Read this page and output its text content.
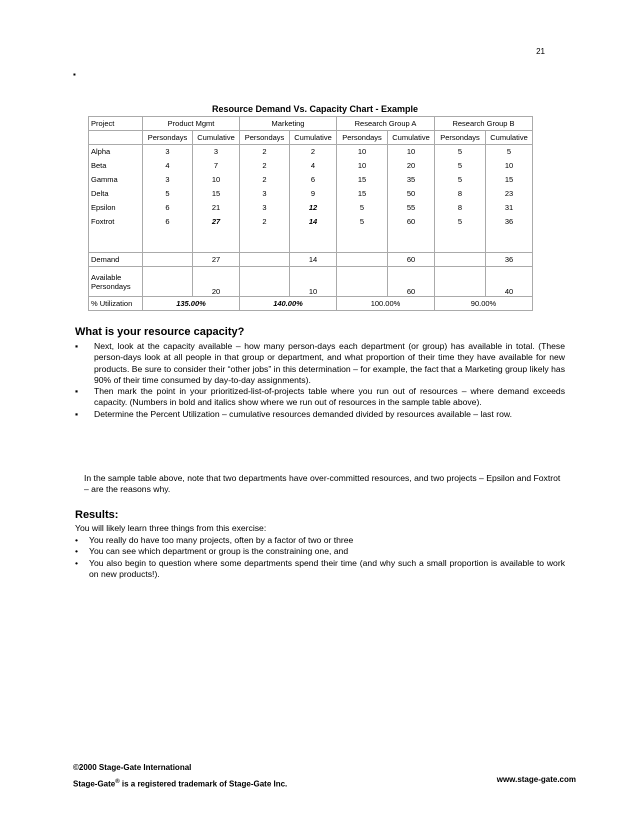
21
▪
Resource Demand Vs. Capacity Chart - Example
Project	Product Mgmt		Marketing		Research Group A		Research Group B	
	Persondays	Cumulative	Persondays	Cumulative	Persondays	Cumulative	Persondays	Cumulative
Alpha	3	3	2	2	10	10	5	5
Beta	4	7	2	4	10	20	5	10
Gamma	3	10	2	6	15	35	5	15
Delta	5	15	3	9	15	50	8	23
Epsilon	6	21	3	12	5	55	8	31
Foxtrot	6	27	2	14	5	60	5	36

Demand		27		14		60		36
Available
Persondays		20		10		60		40
% Utilization	135.00%		140.00%		100.00%		90.00%	
What is your resource capacity?
▪ Next, look at the capacity available – how many person-days each department (or group) has available in total. (These person-days look at all people in that group or department, and what proportion of their time they have available for new products. Be sure to consider their “other jobs” in this determination – for example, the fact that a Marketing group likely has 90% of their time consumed by day-to-day assignments).
▪ Then mark the point in your prioritized-list-of-projects table where you run out of resources – where demand exceeds capacity. (Numbers in bold and italics show where we run out of resources in the sample table above).
▪ Determine the Percent Utilization – cumulative resources demanded divided by resources available – last row.
In the sample table above, note that two departments have over-committed resources, and two projects – Epsilon and Foxtrot – are the reasons why.
Results:
You will likely learn three things from this exercise:
• You really do have too many projects, often by a factor of two or three
• You can see which department or group is the constraining one, and
• You also begin to question where some departments spend their time (and why such a small proportion is available to work on new products!).
©2000 Stage-Gate International
Stage-Gate® is a registered trademark of Stage-Gate Inc.
www.stage-gate.com
